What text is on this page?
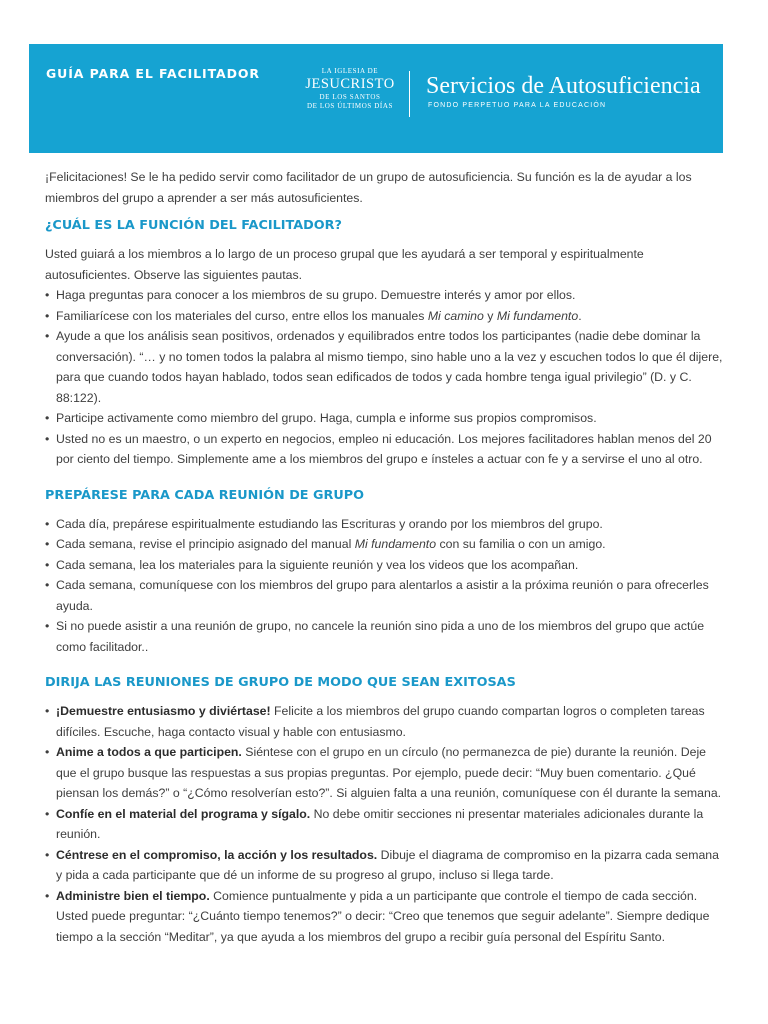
GUÍA PARA EL FACILITADOR	LA IGLESIA DE
JESUCRISTO
DE LOS SANTOS
DE LOS ÚLTIMOS DÍAS
Servicios de Autosuficiencia
FONDO PERPETUO PARA LA EDUCACIÓN

¡Felicitaciones! Se le ha pedido servir como facilitador de un grupo de autosuficiencia. Su función es la de ayudar a los miembros del grupo a aprender a ser más autosuficientes.

¿CUÁL ES LA FUNCIÓN DEL FACILITADOR?

Usted guiará a los miembros a lo largo de un proceso grupal que les ayudará a ser temporal y espiritualmente autosuficientes. Observe las siguientes pautas.

• Haga preguntas para conocer a los miembros de su grupo. Demuestre interés y amor por ellos.
• Familiarícese con los materiales del curso, entre ellos los manuales Mi camino y Mi fundamento.
• Ayude a que los análisis sean positivos, ordenados y equilibrados entre todos los participantes (nadie debe dominar la conversación). “… y no tomen todos la palabra al mismo tiempo, sino hable uno a la vez y escuchen todos lo que él dijere, para que cuando todos hayan hablado, todos sean edificados de todos y cada hombre tenga igual privilegio” (D. y C. 88:122).
• Participe activamente como miembro del grupo. Haga, cumpla e informe sus propios compromisos.
• Usted no es un maestro, o un experto en negocios, empleo ni educación. Los mejores facilitadores hablan menos del 20 por ciento del tiempo. Simplemente ame a los miembros del grupo e ínsteles a actuar con fe y a servirse el uno al otro.
PREPÁRESE PARA CADA REUNIÓN DE GRUPO
• Cada día, prepárese espiritualmente estudiando las Escrituras y orando por los miembros del grupo.
• Cada semana, revise el principio asignado del manual Mi fundamento con su familia o con un amigo.
• Cada semana, lea los materiales para la siguiente reunión y vea los videos que los acompañan.
• Cada semana, comuníquese con los miembros del grupo para alentarlos a asistir a la próxima reunión o para ofrecerles ayuda.
• Si no puede asistir a una reunión de grupo, no cancele la reunión sino pida a uno de los miembros del grupo que actúe como facilitador..
DIRIJA LAS REUNIONES DE GRUPO DE MODO QUE SEAN EXITOSAS
• ¡Demuestre entusiasmo y diviértase! Felicite a los miembros del grupo cuando compartan logros o completen tareas difíciles. Escuche, haga contacto visual y hable con entusiasmo.
• Anime a todos a que participen. Siéntese con el grupo en un círculo (no permanezca de pie) durante la reunión. Deje que el grupo busque las respuestas a sus propias preguntas. Por ejemplo, puede decir: “Muy buen comentario. ¿Qué piensan los demás?” o “¿Cómo resolverían esto?”. Si alguien falta a una reunión, comuníquese con él durante la semana.
• Confíe en el material del programa y sígalo. No debe omitir secciones ni presentar materiales adicionales durante la reunión.
• Céntrese en el compromiso, la acción y los resultados. Dibuje el diagrama de compromiso en la pizarra cada semana y pida a cada participante que dé un informe de su progreso al grupo, incluso si llega tarde.
• Administre bien el tiempo. Comience puntualmente y pida a un participante que controle el tiempo de cada sección. Usted puede preguntar: “¿Cuánto tiempo tenemos?” o decir: “Creo que tenemos que seguir adelante”. Siempre dedique tiempo a la sección “Meditar”, ya que ayuda a los miembros del grupo a recibir guía personal del Espíritu Santo.
